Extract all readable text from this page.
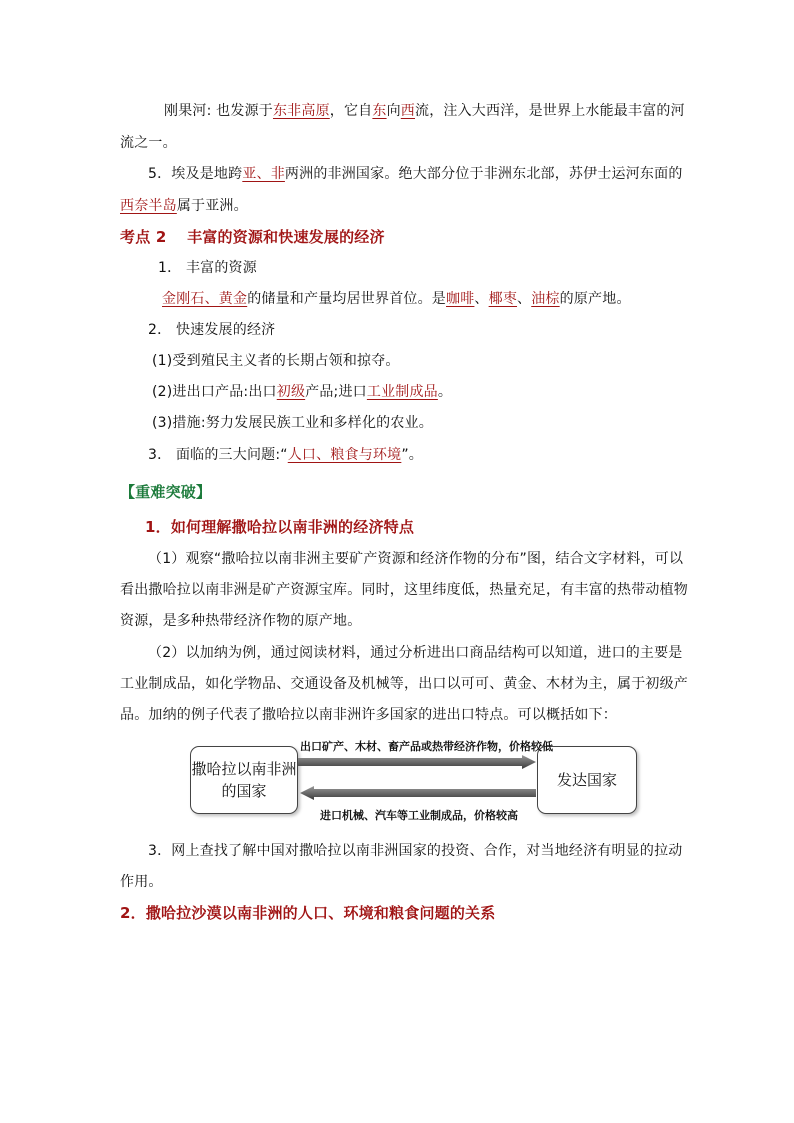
刚果河: 也发源于东非高原，它自东向西流，注入大西洋，是世界上水能最丰富的河
流之一。
5．埃及是地跨亚、非两洲的非洲国家。绝大部分位于非洲东北部，苏伊士运河东面的
西奈半岛属于亚洲。
考点 2　 丰富的资源和快速发展的经济
1． 丰富的资源
金刚石、黄金的储量和产量均居世界首位。是咖啡、椰枣、油棕的原产地。
2． 快速发展的经济
(1)受到殖民主义者的长期占领和掠夺。
(2)进出口产品:出口初级产品;进口工业制成品。
(3)措施:努力发展民族工业和多样化的农业。
3． 面临的三大问题:“人口、粮食与环境”。
【重难突破】
1．如何理解撒哈拉以南非洲的经济特点
（1）观察“撒哈拉以南非洲主要矿产资源和经济作物的分布”图，结合文字材料，可以
看出撒哈拉以南非洲是矿产资源宝库。同时，这里纬度低，热量充足，有丰富的热带动植物
资源，是多种热带经济作物的原产地。
（2）以加纳为例，通过阅读材料，通过分析进出口商品结构可以知道，进口的主要是
工业制成品，如化学物品、交通设备及机械等，出口以可可、黄金、木材为主，属于初级产
品。加纳的例子代表了撒哈拉以南非洲许多国家的进出口特点。可以概括如下：
撒哈拉以南非洲
的国家
发达国家
出口矿产、木材、畜产品或热带经济作物，价格较低
进口机械、汽车等工业制成品，价格较高
3．网上查找了解中国对撒哈拉以南非洲国家的投资、合作，对当地经济有明显的拉动
作用。
2．撒哈拉沙漠以南非洲的人口、环境和粮食问题的关系
